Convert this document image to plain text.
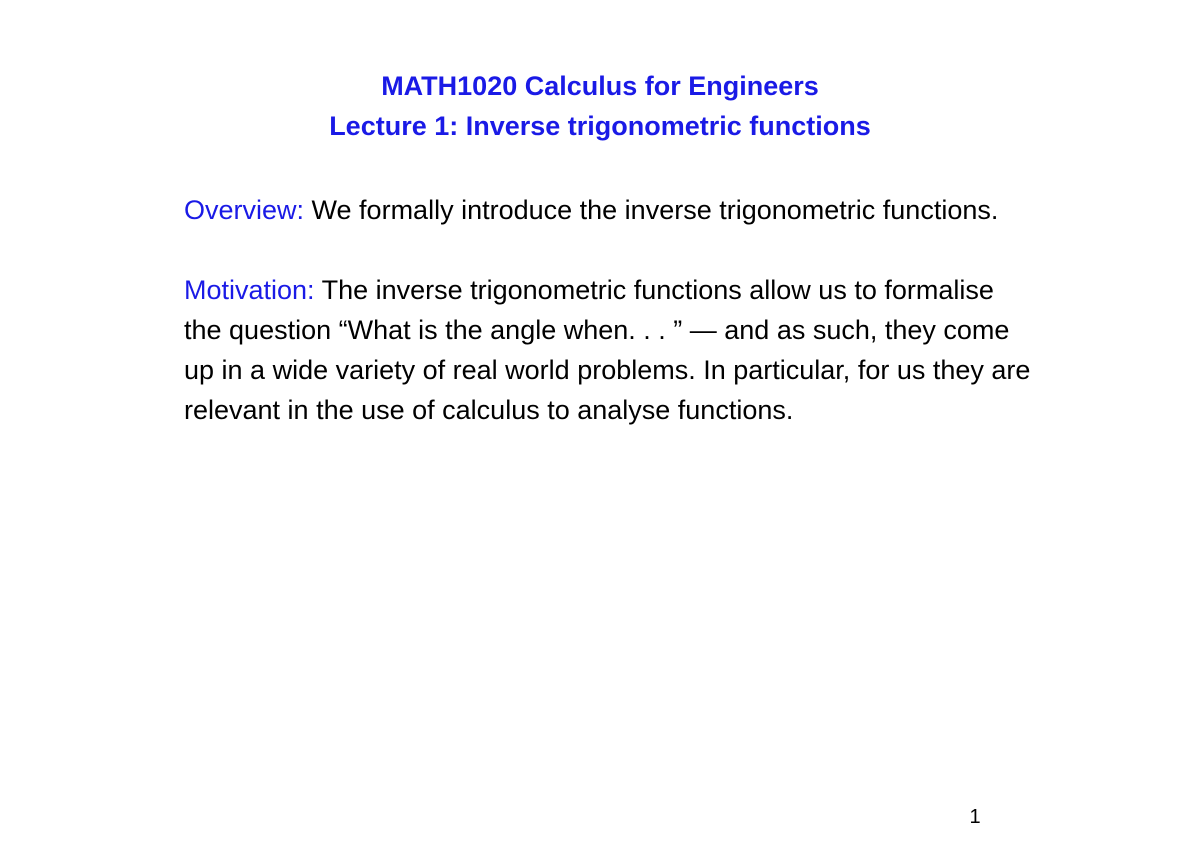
MATH1020 Calculus for Engineers
Lecture 1: Inverse trigonometric functions

Overview: We formally introduce the inverse trigonometric functions.

Motivation: The inverse trigonometric functions allow us to formalise the question “What is the angle when. . . ” — and as such, they come up in a wide variety of real world problems. In particular, for us they are relevant in the use of calculus to analyse functions.

1
